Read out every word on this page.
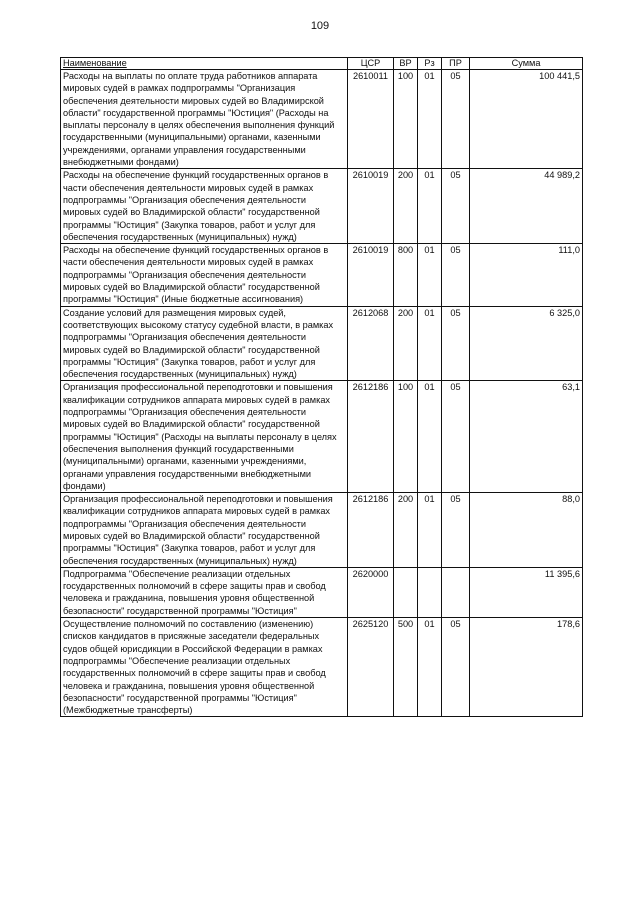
109
Наименование	ЦСР	ВР	Рз	ПР	Сумма
Расходы на выплаты по оплате труда работников аппарата мировых судей в рамках подпрограммы "Организация обеспечения деятельности мировых судей во Владимирской области" государственной программы "Юстиция" (Расходы на выплаты персоналу в целях обеспечения выполнения функций государственными (муниципальными) органами, казенными учреждениями, органами управления государственными внебюджетными фондами)	2610011	100	01	05	100 441,5
Расходы на обеспечение функций государственных органов в части обеспечения деятельности мировых судей в рамках подпрограммы "Организация обеспечения деятельности мировых судей во Владимирской области" государственной программы "Юстиция" (Закупка товаров, работ и услуг для обеспечения государственных (муниципальных) нужд)	2610019	200	01	05	44 989,2
Расходы на обеспечение функций государственных органов в части обеспечения деятельности мировых судей в рамках подпрограммы "Организация обеспечения деятельности мировых судей во Владимирской области" государственной программы "Юстиция" (Иные бюджетные ассигнования)	2610019	800	01	05	111,0
Создание условий для размещения мировых судей, соответствующих высокому статусу судебной власти, в рамках подпрограммы "Организация обеспечения деятельности мировых судей во Владимирской области" государственной программы "Юстиция" (Закупка товаров, работ и услуг для обеспечения государственных (муниципальных) нужд)	2612068	200	01	05	6 325,0
Организация профессиональной переподготовки и повышения квалификации сотрудников аппарата мировых судей в рамках подпрограммы "Организация обеспечения деятельности мировых судей во Владимирской области" государственной программы "Юстиция" (Расходы на выплаты персоналу в целях обеспечения выполнения функций государственными (муниципальными) органами, казенными учреждениями, органами управления государственными внебюджетными фондами)	2612186	100	01	05	63,1
Организация профессиональной переподготовки и повышения квалификации сотрудников аппарата мировых судей в рамках подпрограммы "Организация обеспечения деятельности мировых судей во Владимирской области" государственной программы "Юстиция" (Закупка товаров, работ и услуг для обеспечения государственных (муниципальных) нужд)	2612186	200	01	05	88,0
Подпрограмма "Обеспечение реализации отдельных государственных полномочий в сфере защиты прав и свобод человека и гражданина, повышения уровня общественной безопасности" государственной программы "Юстиция"	2620000				11 395,6
Осуществление полномочий по составлению (изменению) списков кандидатов в присяжные заседатели федеральных судов общей юрисдикции в Российской Федерации в рамках подпрограммы "Обеспечение реализации отдельных государственных полномочий в сфере защиты прав и свобод человека и гражданина, повышения уровня общественной безопасности" государственной программы "Юстиция" (Межбюджетные трансферты)	2625120	500	01	05	178,6
